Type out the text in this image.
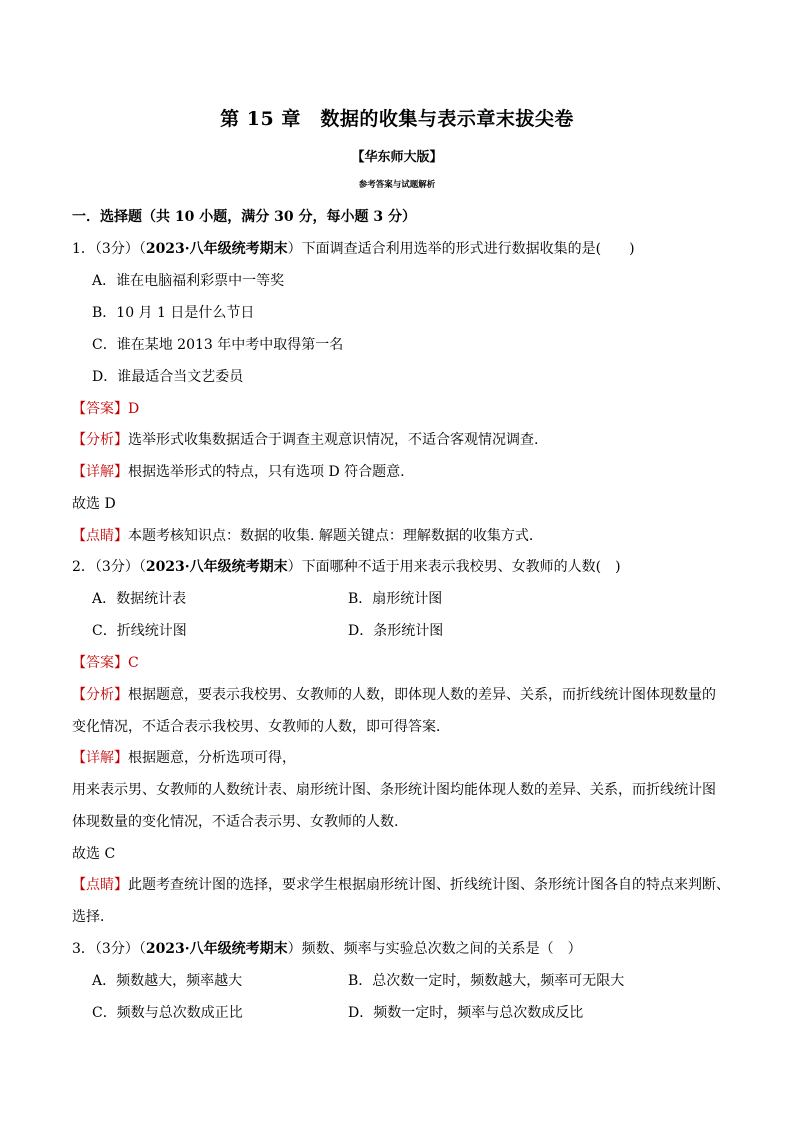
第 15 章　数据的收集与表示章末拔尖卷
【华东师大版】
参考答案与试题解析
一．选择题（共 10 小题，满分 30 分，每小题 3 分）
1．（3分）（2023·八年级统考期末）下面调查适合利用选举的形式进行数据收集的是(　　)
A．谁在电脑福利彩票中一等奖
B．10 月 1 日是什么节日
C．谁在某地 2013 年中考中取得第一名
D．谁最适合当文艺委员
【答案】D
【分析】选举形式收集数据适合于调查主观意识情况，不适合客观情况调查.
【详解】根据选举形式的特点，只有选项 D 符合题意.
故选 D
【点睛】本题考核知识点：数据的收集. 解题关键点：理解数据的收集方式.
2．（3分）（2023·八年级统考期末）下面哪种不适于用来表示我校男、女教师的人数(　)
A．数据统计表	B．扇形统计图
C．折线统计图	D．条形统计图
【答案】C
【分析】根据题意，要表示我校男、女教师的人数，即体现人数的差异、关系，而折线统计图体现数量的
变化情况，不适合表示我校男、女教师的人数，即可得答案．
【详解】根据题意，分析选项可得，
用来表示男、女教师的人数统计表、扇形统计图、条形统计图均能体现人数的差异、关系，而折线统计图
体现数量的变化情况，不适合表示男、女教师的人数.
故选 C
【点睛】此题考查统计图的选择，要求学生根据扇形统计图、折线统计图、条形统计图各自的特点来判断、
选择．
3．（3分）（2023·八年级统考期末）频数、频率与实验总次数之间的关系是（　）
A．频数越大，频率越大	B．总次数一定时，频数越大，频率可无限大
C．频数与总次数成正比	D．频数一定时，频率与总次数成反比
